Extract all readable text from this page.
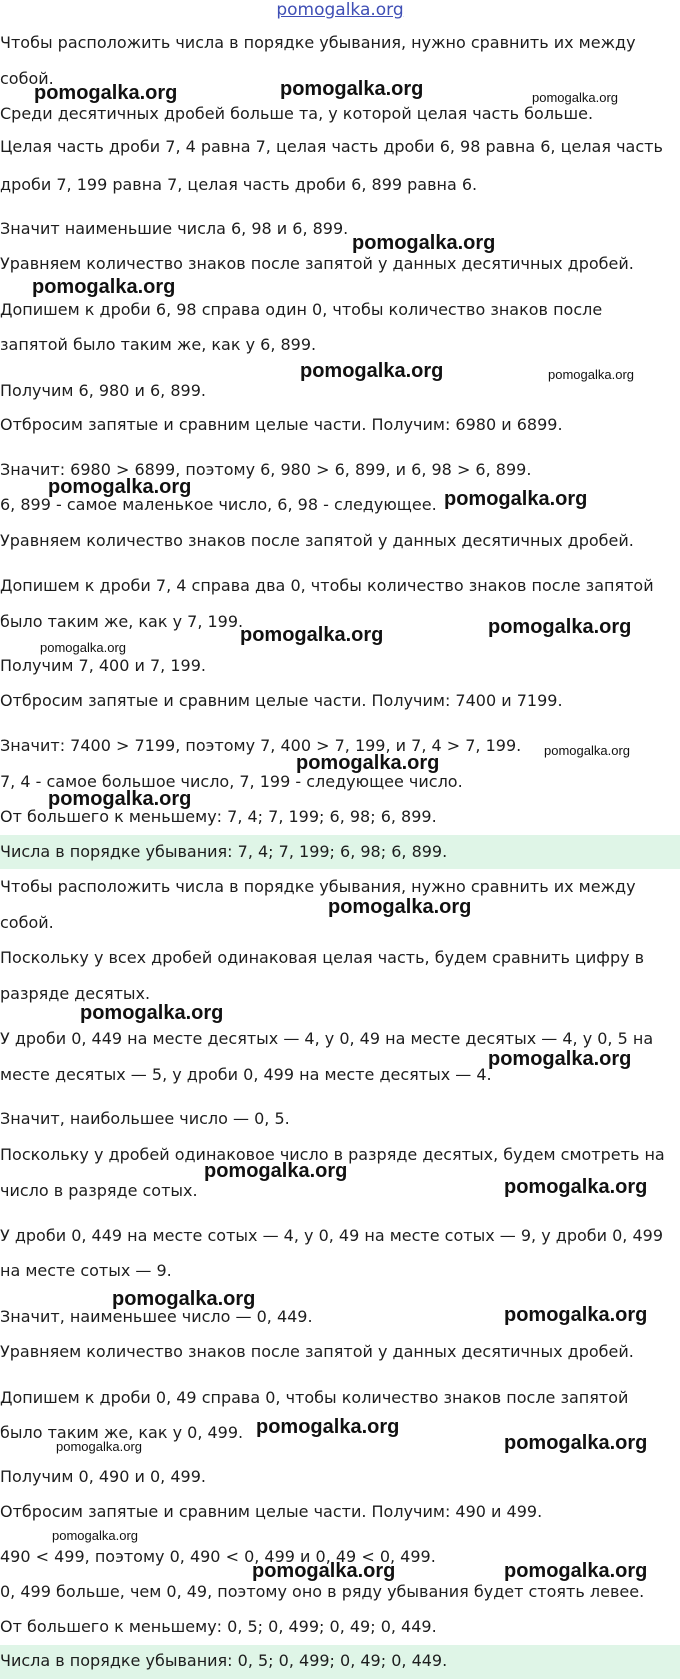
pomogalka.org
Чтобы расположить числа в порядке убывания, нужно сравнить их между
собой.
Среди десятичных дробей больше та, у которой целая часть больше.
Целая часть дроби 7, 4 равна 7, целая часть дроби 6, 98 равна 6, целая часть
дроби 7, 199 равна 7, целая часть дроби 6, 899 равна 6.
Значит наименьшие числа 6, 98 и 6, 899.
Уравняем количество знаков после запятой у данных десятичных дробей.
Допишем к дроби 6, 98 справа один 0, чтобы количество знаков после
запятой было таким же, как у 6, 899.
Получим 6, 980 и 6, 899.
Отбросим запятые и сравним целые части. Получим: 6980 и 6899.
Значит: 6980 > 6899, поэтому 6, 980 > 6, 899, и 6, 98 > 6, 899.
6, 899 - самое маленькое число, 6, 98 - следующее.
Уравняем количество знаков после запятой у данных десятичных дробей.
Допишем к дроби 7, 4 справа два 0, чтобы количество знаков после запятой
было таким же, как у 7, 199.
Получим 7, 400 и 7, 199.
Отбросим запятые и сравним целые части. Получим: 7400 и 7199.
Значит: 7400 > 7199, поэтому 7, 400 > 7, 199, и 7, 4 > 7, 199.
7, 4 - самое большое число, 7, 199 - следующее число.
От большего к меньшему: 7, 4; 7, 199; 6, 98; 6, 899.
Числа в порядке убывания: 7, 4; 7, 199; 6, 98; 6, 899.
Чтобы расположить числа в порядке убывания, нужно сравнить их между
собой.
Поскольку у всех дробей одинаковая целая часть, будем сравнить цифру в
разряде десятых.
У дроби 0, 449 на месте десятых — 4, у 0, 49 на месте десятых — 4, у 0, 5 на
месте десятых — 5, у дроби 0, 499 на месте десятых — 4.
Значит, наибольшее число — 0, 5.
Поскольку у дробей одинаковое число в разряде десятых, будем смотреть на
число в разряде сотых.
У дроби 0, 449 на месте сотых — 4, у 0, 49 на месте сотых — 9, у дроби 0, 499
на месте сотых — 9.
Значит, наименьшее число — 0, 449.
Уравняем количество знаков после запятой у данных десятичных дробей.
Допишем к дроби 0, 49 справа 0, чтобы количество знаков после запятой
было таким же, как у 0, 499.
Получим 0, 490 и 0, 499.
Отбросим запятые и сравним целые части. Получим: 490 и 499.
490 < 499, поэтому 0, 490 < 0, 499 и 0, 49 < 0, 499.
0, 499 больше, чем 0, 49, поэтому оно в ряду убывания будет стоять левее.
От большего к меньшему: 0, 5; 0, 499; 0, 49; 0, 449.
Числа в порядке убывания: 0, 5; 0, 499; 0, 49; 0, 449.
pomogalka.org	pomogalka.org	pomogalka.org
pomogalka.org
pomogalka.org
pomogalka.org	pomogalka.org
pomogalka.org
pomogalka.org
pomogalka.org
pomogalka.org	pomogalka.org
pomogalka.org
pomogalka.org
pomogalka.org
pomogalka.org
pomogalka.org
pomogalka.org
pomogalka.org
pomogalka.org
pomogalka.org
pomogalka.org
pomogalka.org
pomogalka.org	pomogalka.org
pomogalka.org
pomogalka.org	pomogalka.org
